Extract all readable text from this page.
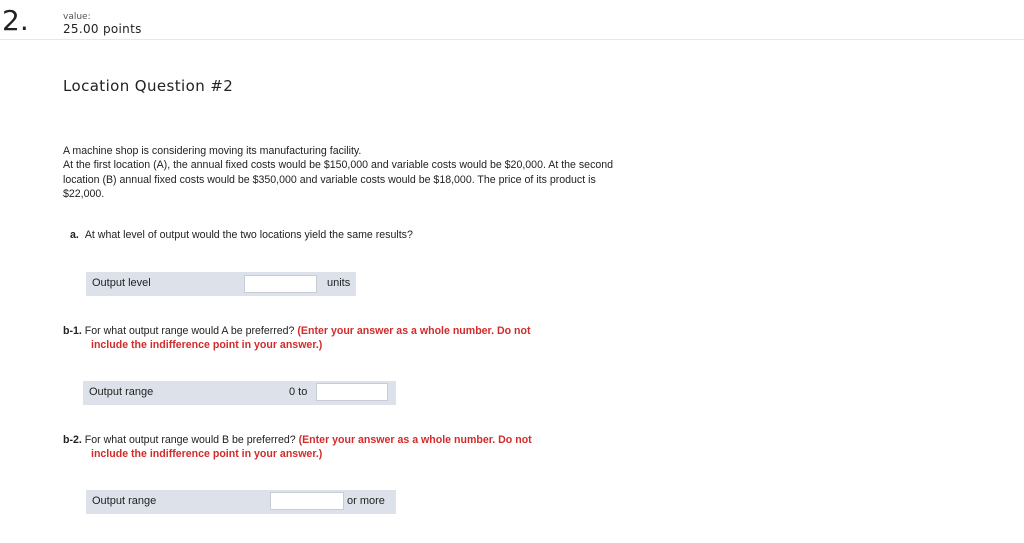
2.	value:
25.00 points
Location Question #2

A machine shop is considering moving its manufacturing facility.

At the first location (A), the annual fixed costs would be $150,000 and variable costs would be $20,000. At the second location (B) annual fixed costs would be $350,000 and variable costs would be $18,000. The price of its product is $22,000.

a. At what level of output would the two locations yield the same results?
Output level	units
b-1. For what output range would A be preferred? (Enter your answer as a whole number. Do not
include the indifference point in your answer.)
Output range	0 to
b-2. For what output range would B be preferred? (Enter your answer as a whole number. Do not
include the indifference point in your answer.)
Output range	or more
